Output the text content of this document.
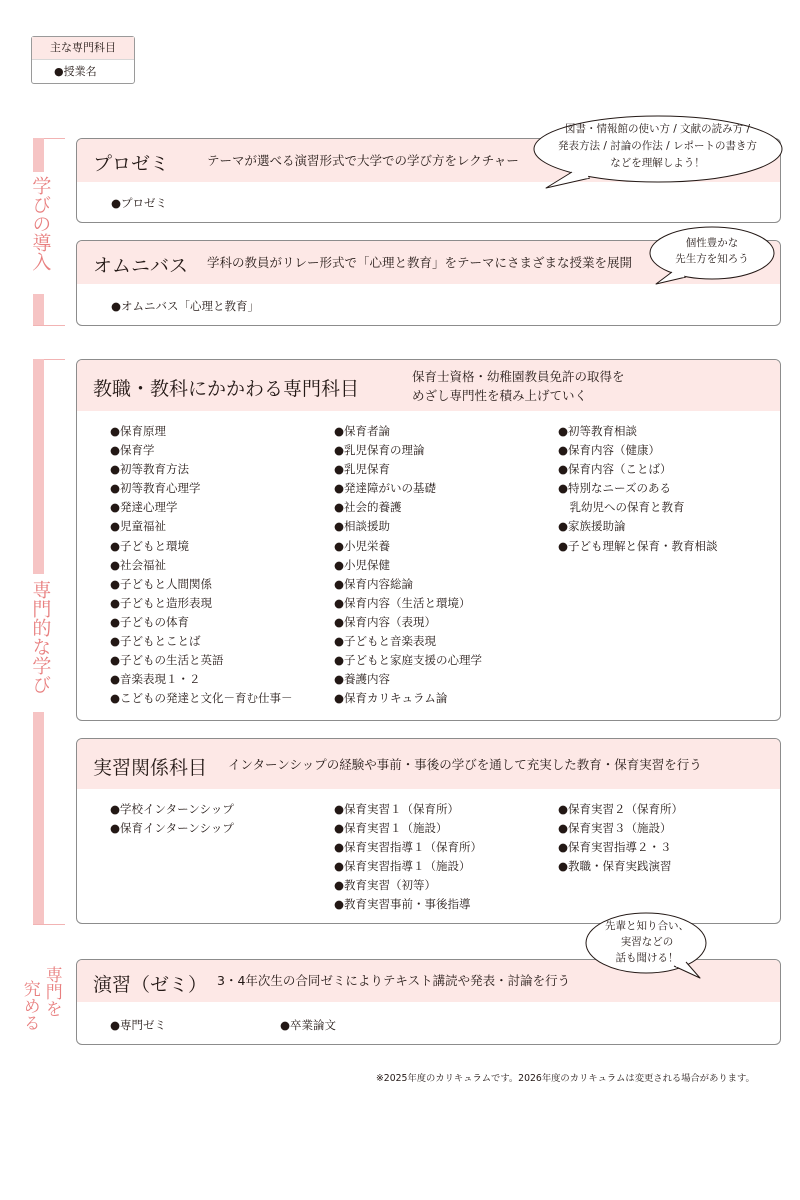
主な専門科目
●授業名
学びの導入
専門的な学び
専門を
究める
プロゼミ	テーマが選べる演習形式で大学での学び方をレクチャー
●プロゼミ
オムニバス 学科の教員がリレー形式で「心理と教育」をテーマにさまざまな授業を展開
●オムニバス「心理と教育」
教職・教科にかかわる専門科目
保育士資格・幼稚園教員免許の取得を
めざし専門性を積み上げていく
●保育原理
●保育学
●初等教育方法
●初等教育心理学
●発達心理学
●児童福祉
●子どもと環境
●社会福祉
●子どもと人間関係
●子どもと造形表現
●子どもの体育
●子どもとことば
●子どもの生活と英語
●音楽表現１・２
●こどもの発達と文化－育む仕事－
●保育者論
●乳児保育の理論
●乳児保育
●発達障がいの基礎
●社会的養護
●相談援助
●小児栄養
●小児保健
●保育内容総論
●保育内容（生活と環境）
●保育内容（表現）
●子どもと音楽表現
●子どもと家庭支援の心理学
●養護内容
●保育カリキュラム論
●初等教育相談
●保育内容（健康）
●保育内容（ことば）
●特別なニーズのある
　乳幼児への保育と教育
●家族援助論
●子ども理解と保育・教育相談
実習関係科目 インターンシップの経験や事前・事後の学びを通して充実した教育・保育実習を行う
●学校インターンシップ
●保育インターンシップ
●保育実習１（保育所）
●保育実習１（施設）
●保育実習指導１（保育所）
●保育実習指導１（施設）
●教育実習（初等）
●教育実習事前・事後指導
●保育実習２（保育所）
●保育実習３（施設）
●保育実習指導２・３
●教職・保育実践演習
演習（ゼミ） 3・4年次生の合同ゼミによりテキスト講読や発表・討論を行う
●専門ゼミ	●卒業論文
図書・情報館の使い方 / 文献の読み方 /
発表方法 / 討論の作法 / レポートの書き方
などを理解しよう！
個性豊かな
先生方を知ろう
先輩と知り合い、
実習などの
話も聞ける！
※2025年度のカリキュラムです。2026年度のカリキュラムは変更される場合があります。
